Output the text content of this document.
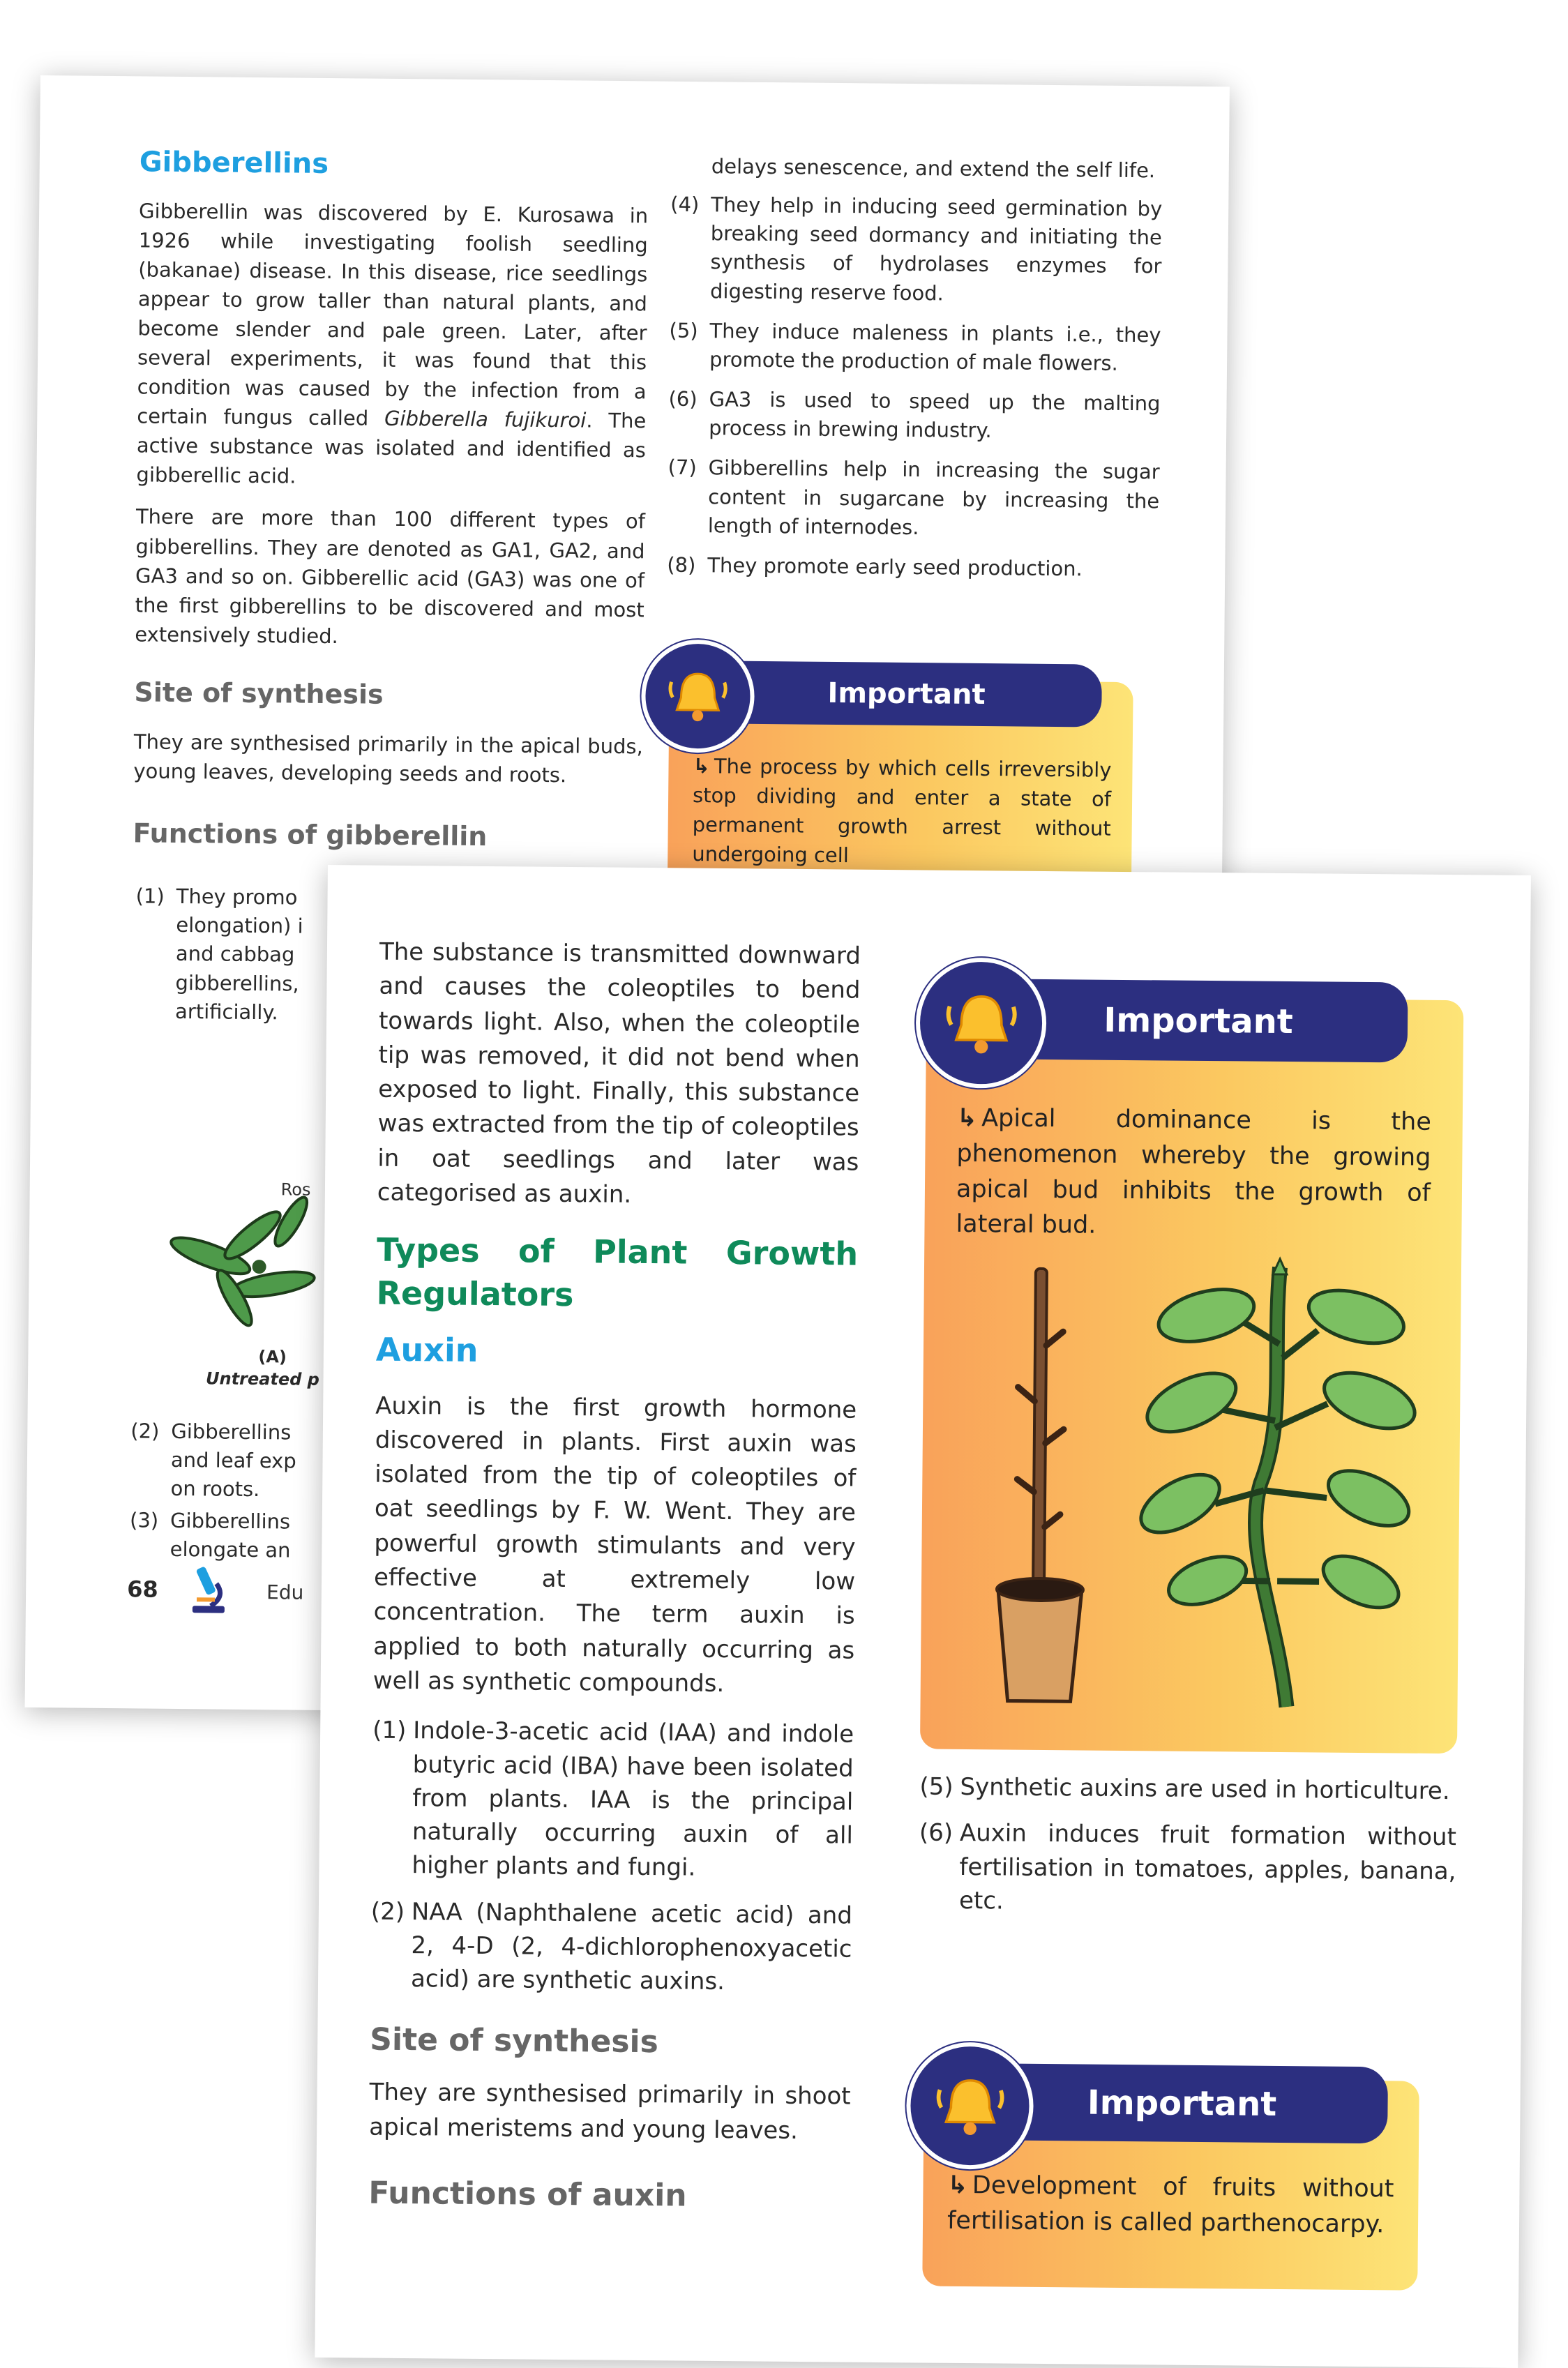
Gibberellins

Gibberellin was discovered by E. Kurosawa in 1926 while investigating foolish seedling (bakanae) disease. In this disease, rice seedlings appear to grow taller than natural plants, and become slender and pale green. Later, after several experiments, it was found that this condition was caused by the infection from a certain fungus called Gibberella fujikuroi. The active substance was isolated and identified as gibberellic acid.

There are more than 100 different types of gibberellins. They are denoted as GA1, GA2, and GA3 and so on. Gibberellic acid (GA3) was one of the first gibberellins to be discovered and most extensively studied.

Site of synthesis

They are synthesised primarily in the apical buds, young leaves, developing seeds and roots.

Functions of gibberellin
(1) They promo
elongation) i
and cabbag
gibberellins,
artificially.
Ros
(A)
Untreated p
(2) Gibberellins
and leaf exp
on roots.
(3) Gibberellins
elongate an
68	Edu

delays senescence, and extend the self life.

(4) They help in inducing seed germination by breaking seed dormancy and initiating the synthesis of hydrolases enzymes for digesting reserve food.
(5) They induce maleness in plants i.e., they promote the production of male flowers.
(6) GA3 is used to speed up the malting process in brewing industry.
(7) Gibberellins help in increasing the sugar content in sugarcane by increasing the length of internodes.
(8) They promote early seed production.
Important
↳ The process by which cells irreversibly stop dividing and enter a state of permanent growth arrest without undergoing cell

The substance is transmitted downward and causes the coleoptiles to bend towards light. Also, when the coleoptile tip was removed, it did not bend when exposed to light. Finally, this substance was extracted from the tip of coleoptiles in oat seedlings and later was categorised as auxin.

Types of Plant Growth Regulators
Auxin

Auxin is the first growth hormone discovered in plants. First auxin was isolated from the tip of coleoptiles of oat seedlings by F. W. Went. They are powerful growth stimulants and very effective at extremely low concentration. The term auxin is applied to both naturally occurring as well as synthetic compounds.

(1) Indole-3-acetic acid (IAA) and indole butyric acid (IBA) have been isolated from plants. IAA is the principal naturally occurring auxin of all higher plants and fungi.
(2) NAA (Naphthalene acetic acid) and 2, 4-D (2, 4-dichlorophenoxyacetic acid) are synthetic auxins.
Site of synthesis

They are synthesised primarily in shoot apical meristems and young leaves.

Functions of auxin
Important
↳ Apical dominance is the phenomenon whereby the growing apical bud inhibits the growth of lateral bud.
(5) Synthetic auxins are used in horticulture.
(6) Auxin induces fruit formation without fertilisation in tomatoes, apples, banana, etc.
Important
↳ Development of fruits without fertilisation is called parthenocarpy.
